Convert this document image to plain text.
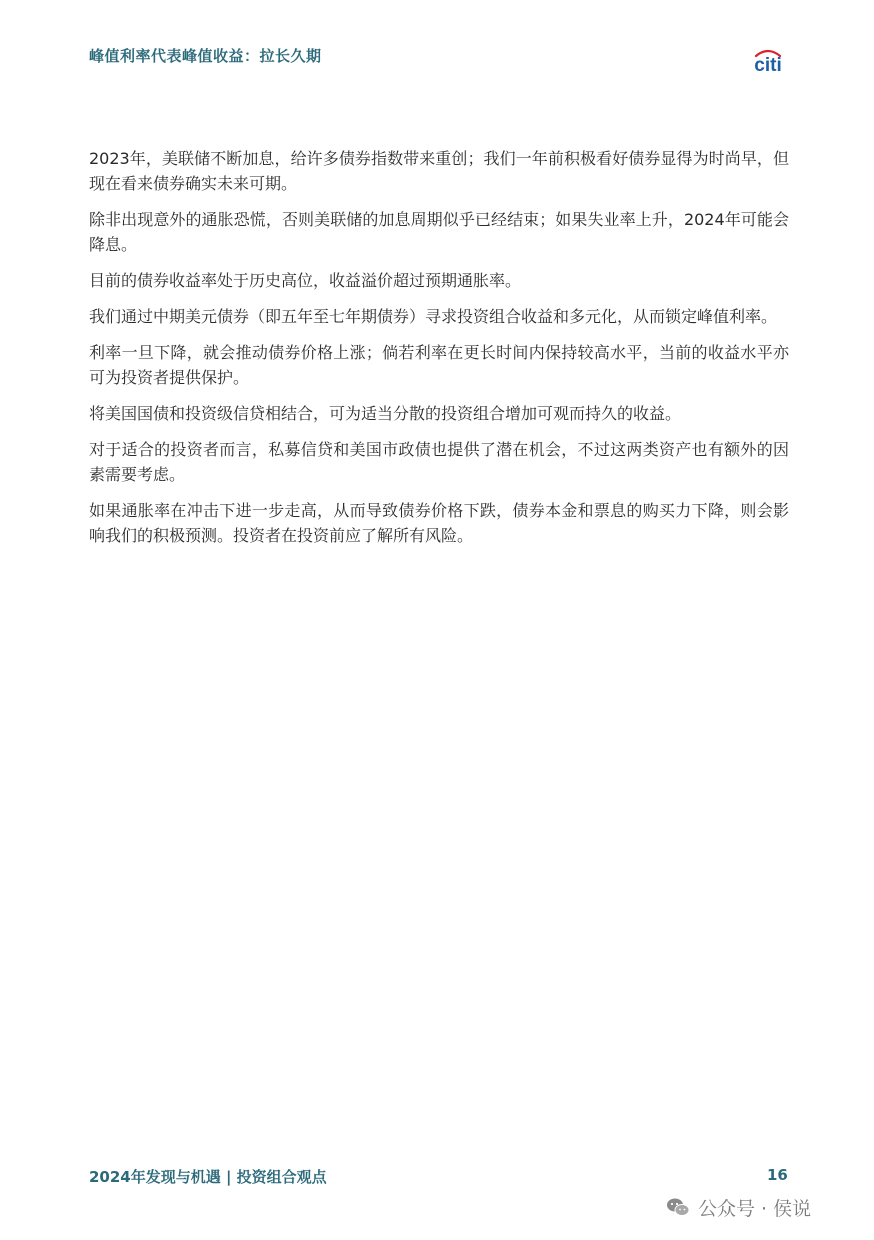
峰值利率代表峰值收益：拉长久期	citi

2023年，美联储不断加息，给许多债券指数带来重创；我们一年前积极看好债券显得为时尚早，但现在看来债券确实未来可期。

除非出现意外的通胀恐慌，否则美联储的加息周期似乎已经结束；如果失业率上升，2024年可能会降息。

目前的债券收益率处于历史高位，收益溢价超过预期通胀率。

我们通过中期美元债券（即五年至七年期债券）寻求投资组合收益和多元化，从而锁定峰值利率。

利率一旦下降，就会推动债券价格上涨；倘若利率在更长时间内保持较高水平，当前的收益水平亦可为投资者提供保护。

将美国国债和投资级信贷相结合，可为适当分散的投资组合增加可观而持久的收益。

对于适合的投资者而言，私募信贷和美国市政债也提供了潜在机会，不过这两类资产也有额外的因素需要考虑。

如果通胀率在冲击下进一步走高，从而导致债券价格下跌，债券本金和票息的购买力下降，则会影响我们的积极预测。投资者在投资前应了解所有风险。

2024年发现与机遇 | 投资组合观点	16
公众号 · 侯说
